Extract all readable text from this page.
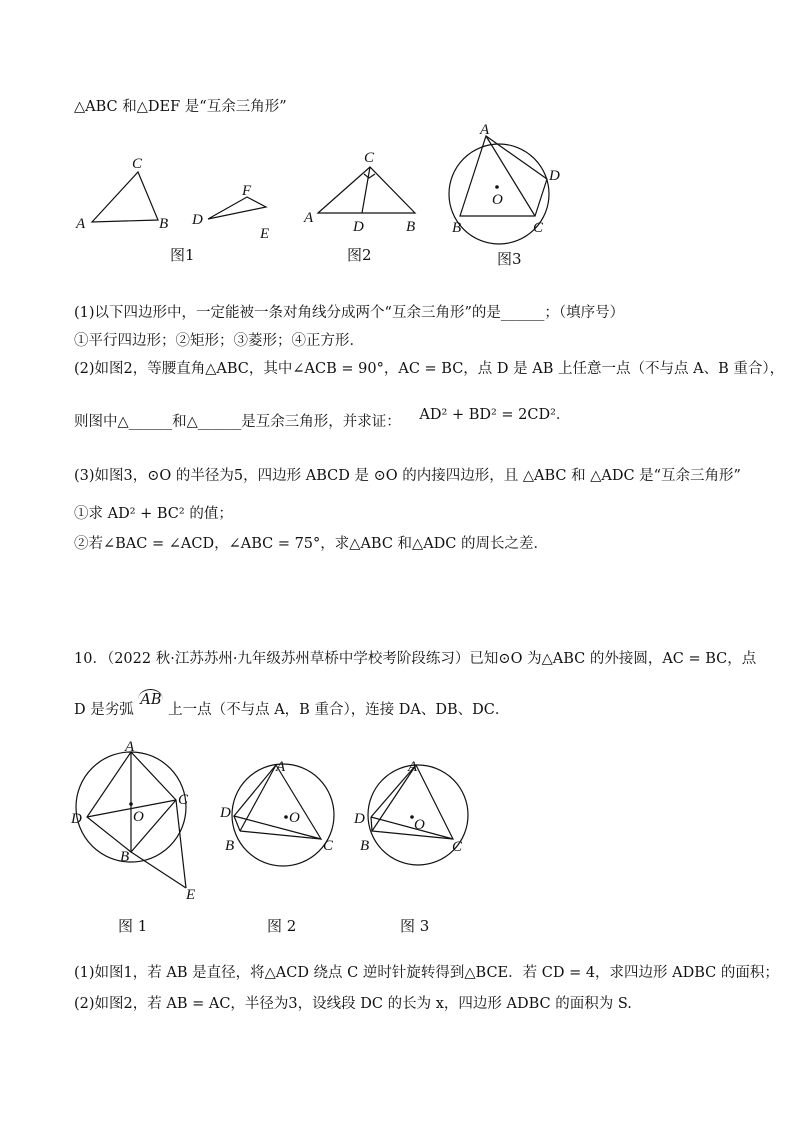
△ABC 和△DEF 是“互余三角形”
A
C
B D
F
E
图1
A
C
D	B
图2
A
D
O
B	C
图3
(1)以下四边形中，一定能被一条对角线分成两个“互余三角形”的是______；（填序号）
①平行四边形；②矩形；③菱形；④正方形．
(2)如图2，等腰直角△ABC，其中∠ACB = 90°，AC = BC，点 D 是 AB 上任意一点（不与点 A、B 重合），
则图中△______和△______是互余三角形，并求证： AD² + BD² = 2CD²．
(3)如图3，⊙O 的半径为5，四边形 ABCD 是 ⊙O 的内接四边形，且 △ABC 和 △ADC 是“互余三角形”
①求 AD² + BC² 的值；
②若∠BAC = ∠ACD，∠ABC = 75°，求△ABC 和△ADC 的周长之差．
10．（2022 秋·江苏苏州·九年级苏州草桥中学校考阶段练习）已知⊙O 为△ABC 的外接圆，AC = BC，点
D 是劣弧 AB 上一点（不与点 A，B 重合），连接 DA、DB、DC．
A
C
D	O
B
E
图 1
A
D	O
B	C
图 2
A
D	O
B	C
图 3
(1)如图1，若 AB 是直径，将△ACD 绕点 C 逆时针旋转得到△BCE．若 CD = 4，求四边形 ADBC 的面积；
(2)如图2，若 AB = AC，半径为3，设线段 DC 的长为 x，四边形 ADBC 的面积为 S.
